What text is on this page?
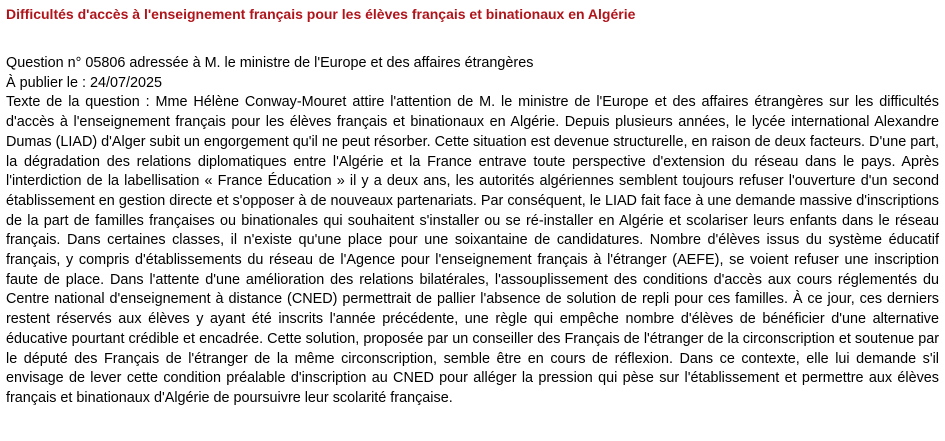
Difficultés d'accès à l'enseignement français pour les élèves français et binationaux en Algérie
Question n° 05806 adressée à M. le ministre de l'Europe et des affaires étrangères
À publier le : 24/07/2025

Texte de la question : Mme Hélène Conway-Mouret attire l'attention de M. le ministre de l'Europe et des affaires étrangères sur les difficultés d'accès à l'enseignement français pour les élèves français et binationaux en Algérie. Depuis plusieurs années, le lycée international Alexandre Dumas (LIAD) d'Alger subit un engorgement qu'il ne peut résorber. Cette situation est devenue structurelle, en raison de deux facteurs. D'une part, la dégradation des relations diplomatiques entre l'Algérie et la France entrave toute perspective d'extension du réseau dans le pays. Après l'interdiction de la labellisation « France Éducation » il y a deux ans, les autorités algériennes semblent toujours refuser l'ouverture d'un second établissement en gestion directe et s'opposer à de nouveaux partenariats. Par conséquent, le LIAD fait face à une demande massive d'inscriptions de la part de familles françaises ou binationales qui souhaitent s'installer ou se ré-installer en Algérie et scolariser leurs enfants dans le réseau français. Dans certaines classes, il n'existe qu'une place pour une soixantaine de candidatures. Nombre d'élèves issus du système éducatif français, y compris d'établissements du réseau de l'Agence pour l'enseignement français à l'étranger (AEFE), se voient refuser une inscription faute de place. Dans l'attente d'une amélioration des relations bilatérales, l'assouplissement des conditions d'accès aux cours réglementés du Centre national d'enseignement à distance (CNED) permettrait de pallier l'absence de solution de repli pour ces familles. À ce jour, ces derniers restent réservés aux élèves y ayant été inscrits l'année précédente, une règle qui empêche nombre d'élèves de bénéficier d'une alternative éducative pourtant crédible et encadrée. Cette solution, proposée par un conseiller des Français de l'étranger de la circonscription et soutenue par le député des Français de l'étranger de la même circonscription, semble être en cours de réflexion. Dans ce contexte, elle lui demande s'il envisage de lever cette condition préalable d'inscription au CNED pour alléger la pression qui pèse sur l'établissement et permettre aux élèves français et binationaux d'Algérie de poursuivre leur scolarité française.
